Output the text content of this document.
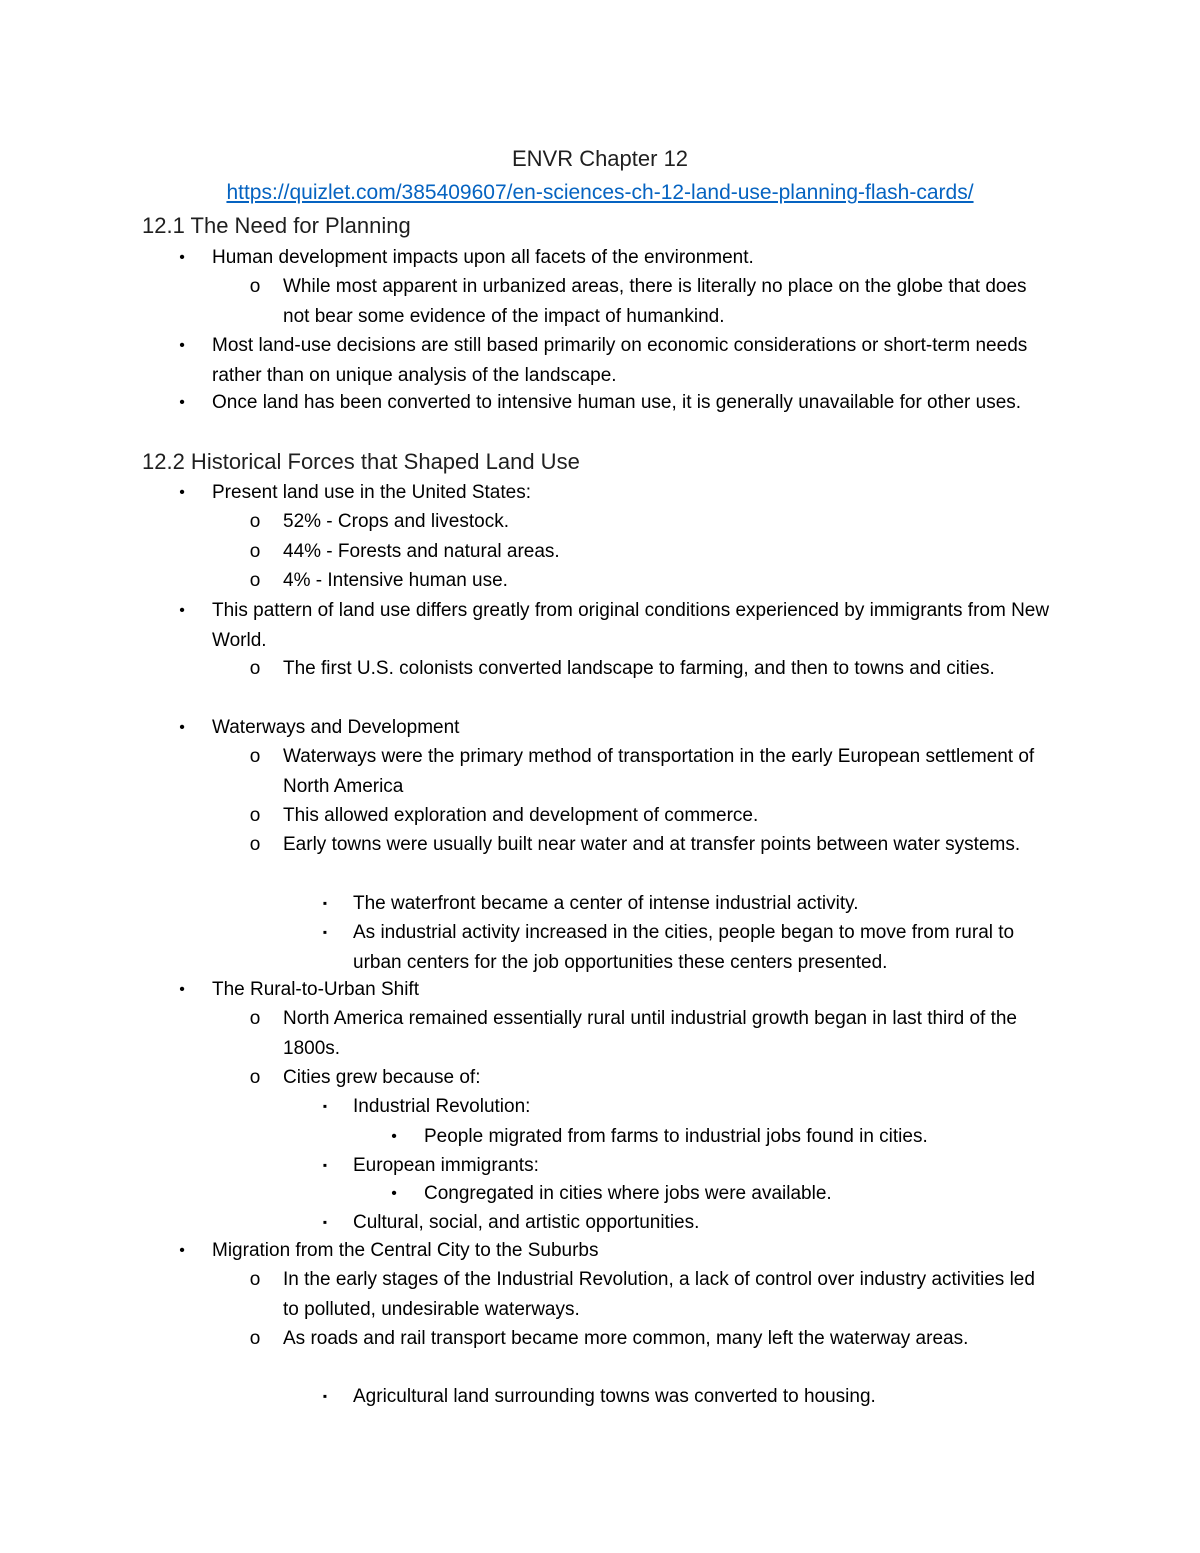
ENVR Chapter 12
https://quizlet.com/385409607/en-sciences-ch-12-land-use-planning-flash-cards/
12.1 The Need for Planning
•	Human development impacts upon all facets of the environment.
o	While most apparent in urbanized areas, there is literally no place on the globe that does not bear some evidence of the impact of humankind.
•	Most land-use decisions are still based primarily on economic considerations or short-term needs rather than on unique analysis of the landscape.
•	Once land has been converted to intensive human use, it is generally unavailable for other uses.
12.2 Historical Forces that Shaped Land Use
•	Present land use in the United States:
o	52% - Crops and livestock.
o	44% - Forests and natural areas.
o	4% - Intensive human use.
•	This pattern of land use differs greatly from original conditions experienced by immigrants from New World.
o	The first U.S. colonists converted landscape to farming, and then to towns and cities.
•	Waterways and Development
o	Waterways were the primary method of transportation in the early European settlement of North America
o	This allowed exploration and development of commerce.
o	Early towns were usually built near water and at transfer points between water systems.
▪	The waterfront became a center of intense industrial activity.
▪	As industrial activity increased in the cities, people began to move from rural to urban centers for the job opportunities these centers presented.
•	The Rural-to-Urban Shift
o	North America remained essentially rural until industrial growth began in last third of the 1800s.
o	Cities grew because of:
▪	Industrial Revolution:
•	People migrated from farms to industrial jobs found in cities.
▪	European immigrants:
•	Congregated in cities where jobs were available.
▪	Cultural, social, and artistic opportunities.
•	Migration from the Central City to the Suburbs
o	In the early stages of the Industrial Revolution, a lack of control over industry activities led to polluted, undesirable waterways.
o	As roads and rail transport became more common, many left the waterway areas.
▪	Agricultural land surrounding towns was converted to housing.
